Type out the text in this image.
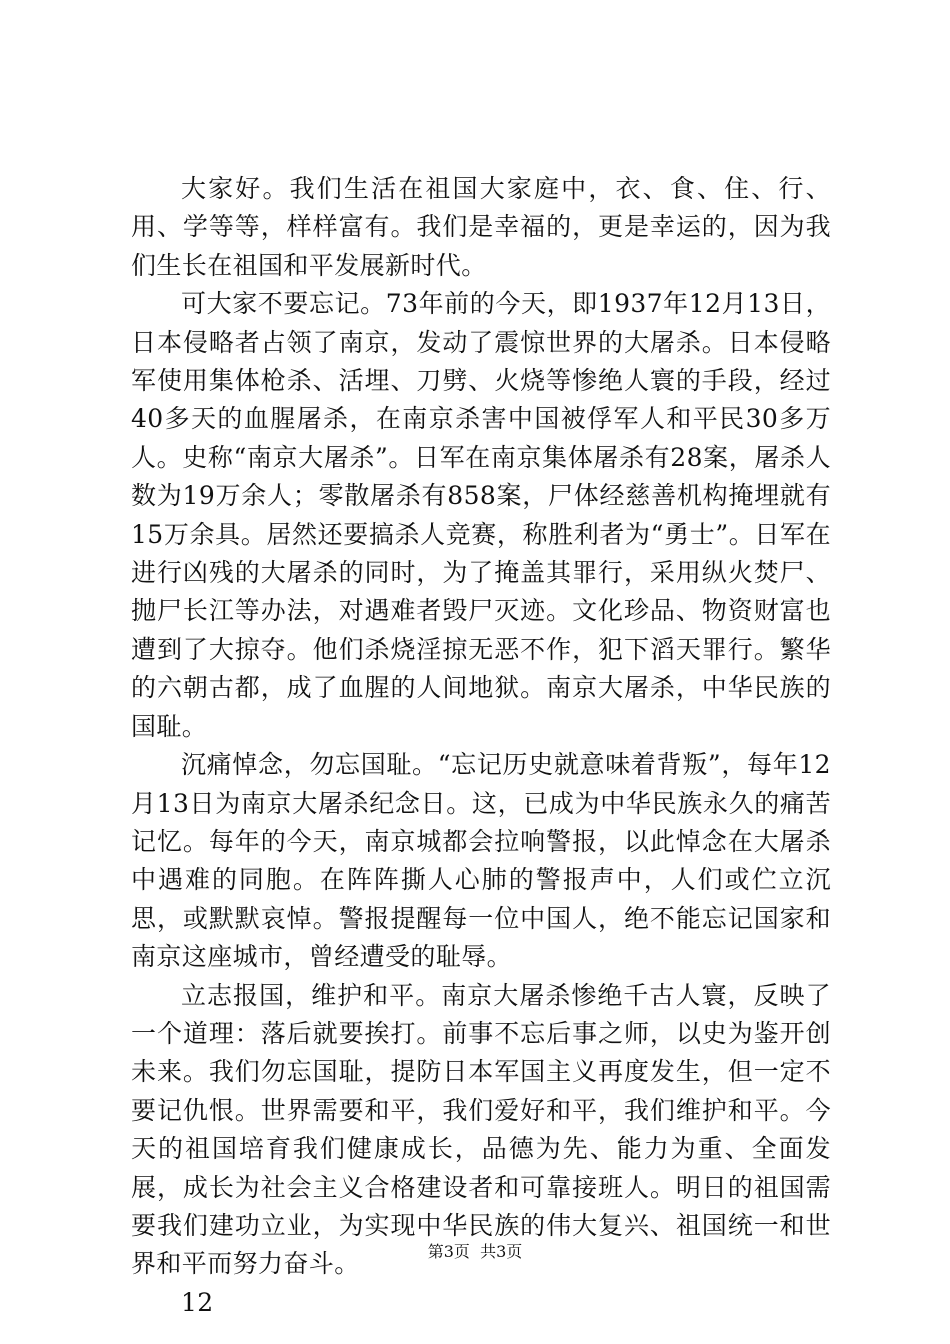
大家好。我们生活在祖国大家庭中，衣、食、住、行、用、学等等，样样富有。我们是幸福的，更是幸运的，因为我们生长在祖国和平发展新时代。

可大家不要忘记。73年前的今天，即1937年12月13日，日本侵略者占领了南京，发动了震惊世界的大屠杀。日本侵略军使用集体枪杀、活埋、刀劈、火烧等惨绝人寰的手段，经过40多天的血腥屠杀，在南京杀害中国被俘军人和平民30多万人。史称“南京大屠杀”。日军在南京集体屠杀有28案，屠杀人数为19万余人；零散屠杀有858案，尸体经慈善机构掩埋就有15万余具。居然还要搞杀人竞赛，称胜利者为“勇士”。日军在进行凶残的大屠杀的同时，为了掩盖其罪行，采用纵火焚尸、抛尸长江等办法，对遇难者毁尸灭迹。文化珍品、物资财富也遭到了大掠夺。他们杀烧淫掠无恶不作，犯下滔天罪行。繁华的六朝古都，成了血腥的人间地狱。南京大屠杀，中华民族的国耻。

沉痛悼念，勿忘国耻。“忘记历史就意味着背叛”，每年12月13日为南京大屠杀纪念日。这，已成为中华民族永久的痛苦记忆。每年的今天，南京城都会拉响警报，以此悼念在大屠杀中遇难的同胞。在阵阵撕人心肺的警报声中，人们或伫立沉思，或默默哀悼。警报提醒每一位中国人，绝不能忘记国家和南京这座城市，曾经遭受的耻辱。

立志报国，维护和平。南京大屠杀惨绝千古人寰，反映了一个道理：落后就要挨打。前事不忘后事之师，以史为鉴开创未来。我们勿忘国耻，提防日本军国主义再度发生，但一定不要记仇恨。世界需要和平，我们爱好和平，我们维护和平。今天的祖国培育我们健康成长，品德为先、能力为重、全面发展，成长为社会主义合格建设者和可靠接班人。明日的祖国需要我们建功立业，为实现中华民族的伟大复兴、祖国统一和世界和平而努力奋斗。

12

第3页 共3页
